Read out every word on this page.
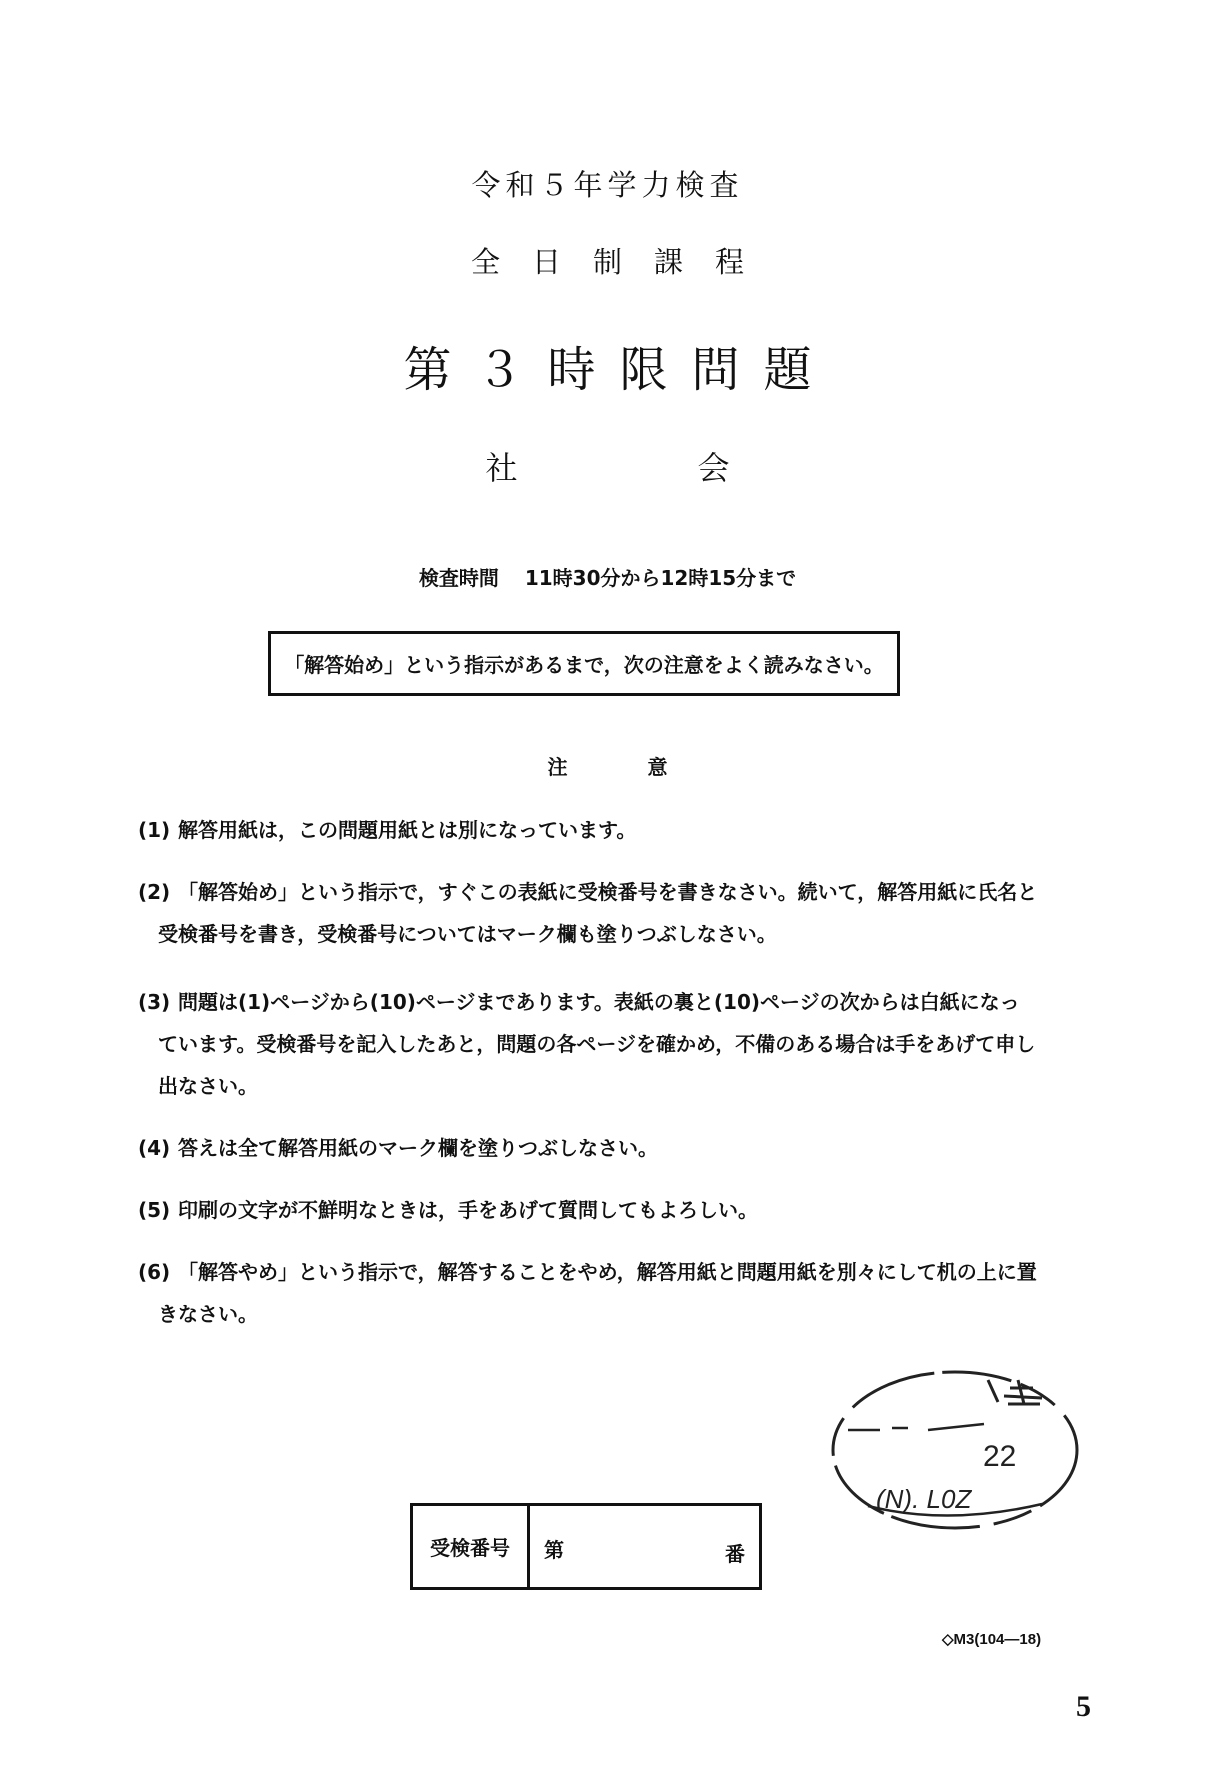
令和５年学力検査
全日制課程
第３時限問題
社会
検査時間 11時30分から12時15分まで
「解答始め」という指示があるまで，次の注意をよく読みなさい。
注意
(1) 解答用紙は，この問題用紙とは別になっています。
(2) 「解答始め」という指示で，すぐこの表紙に受検番号を書きなさい。続いて，解答用紙に氏名と
受検番号を書き，受検番号についてはマーク欄も塗りつぶしなさい。
(3) 問題は(1)ページから(10)ページまであります。表紙の裏と(10)ページの次からは白紙になっ
ています。受検番号を記入したあと，問題の各ページを確かめ，不備のある場合は手をあげて申し
出なさい。
(4) 答えは全て解答用紙のマーク欄を塗りつぶしなさい。
(5) 印刷の文字が不鮮明なときは，手をあげて質問してもよろしい。
(6) 「解答やめ」という指示で，解答することをやめ，解答用紙と問題用紙を別々にして机の上に置
きなさい。
22
(N). L0Z
受検番号	第	番
◇M3(104—18)
5
